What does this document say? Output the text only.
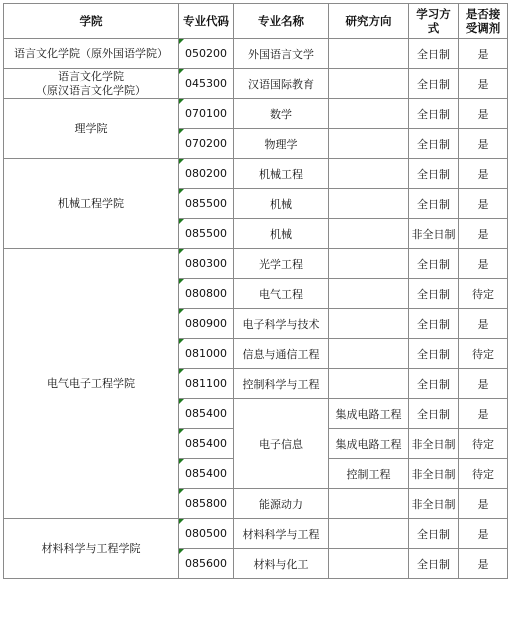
学院	专业代码	专业名称	研究方向	学习方式	是否接受调剂
语言文化学院（原外国语学院）	050200	外国语言文学		全日制	是

语言文化学院
（原汉语言文化学院）	045300	汉语国际教育		全日制	是
理学院	070100	数学		全日制	是
	070200	物理学		全日制	是
机械工程学院	080200	机械工程		全日制	是
	085500	机械		全日制	是
	085500	机械		非全日制	是
电气电子工程学院	080300	光学工程		全日制	是
	080800	电气工程		全日制	待定
	080900	电子科学与技术		全日制	是
	081000	信息与通信工程		全日制	待定
	081100	控制科学与工程		全日制	是
	085400	电子信息	集成电路工程	全日制	是
	085400		集成电路工程	非全日制	待定
	085400		控制工程	非全日制	待定
	085800	能源动力		非全日制	是
材料科学与工程学院	080500	材料科学与工程		全日制	是
	085600	材料与化工		全日制	是
